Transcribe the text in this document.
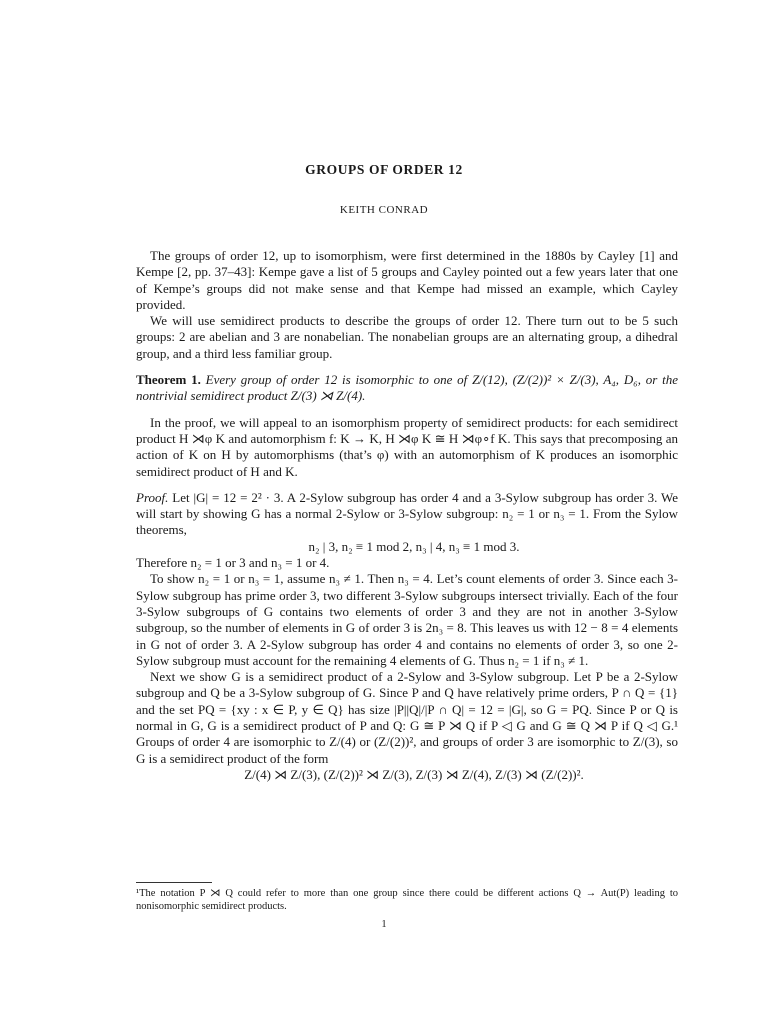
GROUPS OF ORDER 12
KEITH CONRAD

The groups of order 12, up to isomorphism, were first determined in the 1880s by Cayley [1] and Kempe [2, pp. 37–43]: Kempe gave a list of 5 groups and Cayley pointed out a few years later that one of Kempe’s groups did not make sense and that Kempe had missed an example, which Cayley provided.

We will use semidirect products to describe the groups of order 12. There turn out to be 5 such groups: 2 are abelian and 3 are nonabelian. The nonabelian groups are an alternating group, a dihedral group, and a third less familiar group.

Theorem 1. Every group of order 12 is isomorphic to one of Z/(12), (Z/(2))² × Z/(3), A₄, D₆, or the nontrivial semidirect product Z/(3) ⋊ Z/(4).

In the proof, we will appeal to an isomorphism property of semidirect products: for each semidirect product H ⋊φ K and automorphism f: K → K, H ⋊φ K ≅ H ⋊φ∘f K. This says that precomposing an action of K on H by automorphisms (that’s φ) with an automorphism of K produces an isomorphic semidirect product of H and K.

Proof. Let |G| = 12 = 2² · 3. A 2-Sylow subgroup has order 4 and a 3-Sylow subgroup has order 3. We will start by showing G has a normal 2-Sylow or 3-Sylow subgroup: n₂ = 1 or n₃ = 1. From the Sylow theorems,

n₂ | 3, n₂ ≡ 1 mod 2, n₃ | 4, n₃ ≡ 1 mod 3.

Therefore n₂ = 1 or 3 and n₃ = 1 or 4.

To show n₂ = 1 or n₃ = 1, assume n₃ ≠ 1. Then n₃ = 4. Let’s count elements of order 3. Since each 3-Sylow subgroup has prime order 3, two different 3-Sylow subgroups intersect trivially. Each of the four 3-Sylow subgroups of G contains two elements of order 3 and they are not in another 3-Sylow subgroup, so the number of elements in G of order 3 is 2n₃ = 8. This leaves us with 12 − 8 = 4 elements in G not of order 3. A 2-Sylow subgroup has order 4 and contains no elements of order 3, so one 2-Sylow subgroup must account for the remaining 4 elements of G. Thus n₂ = 1 if n₃ ≠ 1.

Next we show G is a semidirect product of a 2-Sylow and 3-Sylow subgroup. Let P be a 2-Sylow subgroup and Q be a 3-Sylow subgroup of G. Since P and Q have relatively prime orders, P ∩ Q = {1} and the set PQ = {xy : x ∈ P, y ∈ Q} has size |P||Q|/|P ∩ Q| = 12 = |G|, so G = PQ. Since P or Q is normal in G, G is a semidirect product of P and Q: G ≅ P ⋊ Q if P ◁ G and G ≅ Q ⋊ P if Q ◁ G.¹ Groups of order 4 are isomorphic to Z/(4) or (Z/(2))², and groups of order 3 are isomorphic to Z/(3), so G is a semidirect product of the form

Z/(4) ⋊ Z/(3), (Z/(2))² ⋊ Z/(3), Z/(3) ⋊ Z/(4), Z/(3) ⋊ (Z/(2))².

¹The notation P ⋊ Q could refer to more than one group since there could be different actions Q → Aut(P) leading to nonisomorphic semidirect products.
1
